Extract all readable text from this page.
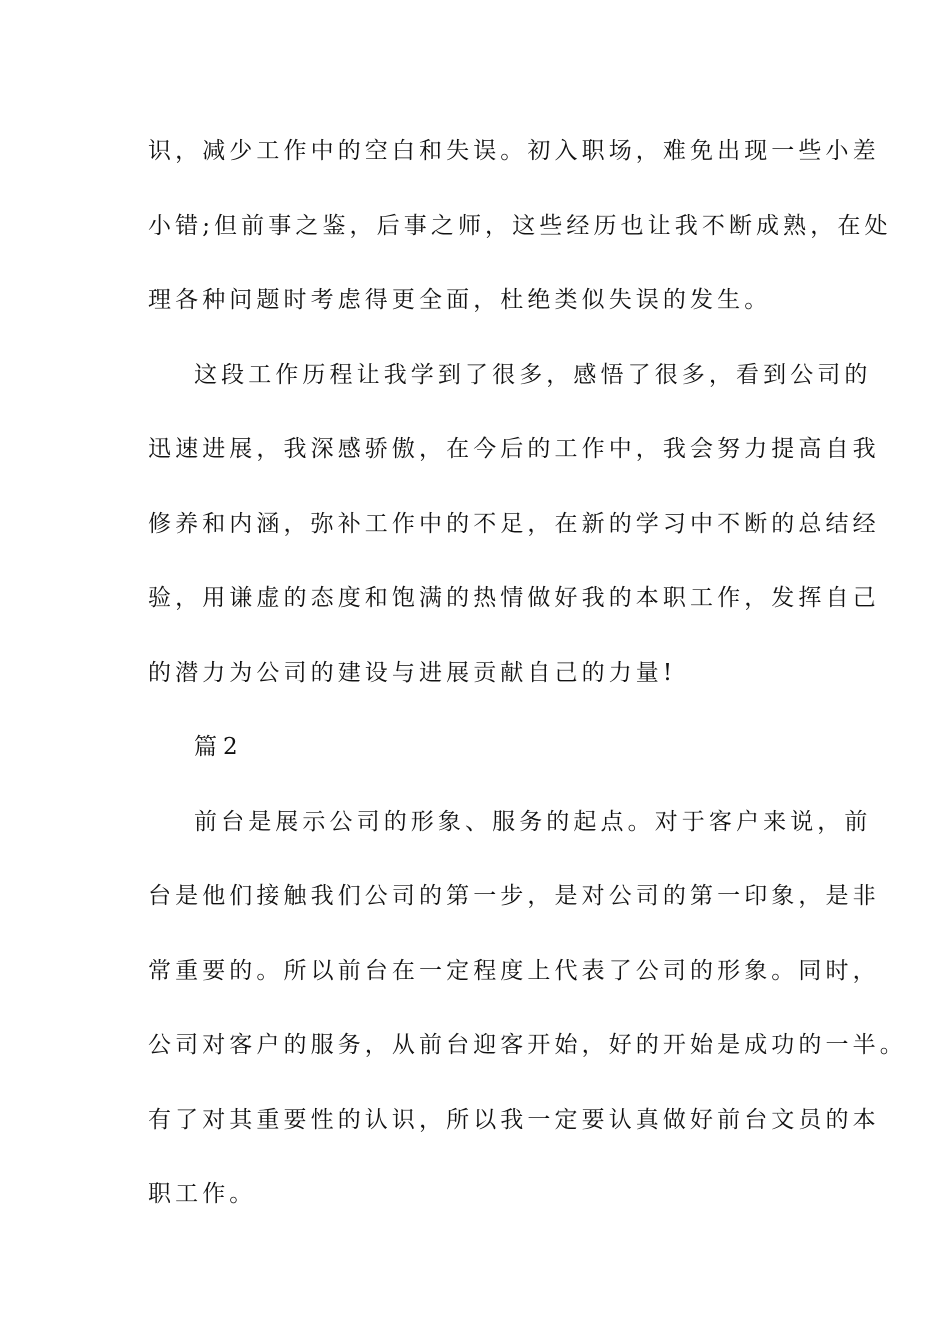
识，减少工作中的空白和失误。初入职场，难免出现一些小差
小错;但前事之鉴，后事之师，这些经历也让我不断成熟，在处
理各种问题时考虑得更全面，杜绝类似失误的发生。
这段工作历程让我学到了很多，感悟了很多，看到公司的
迅速进展，我深感骄傲，在今后的工作中，我会努力提高自我
修养和内涵，弥补工作中的不足，在新的学习中不断的总结经
验，用谦虚的态度和饱满的热情做好我的本职工作，发挥自己
的潜力为公司的建设与进展贡献自己的力量!
篇2
前台是展示公司的形象、服务的起点。对于客户来说，前
台是他们接触我们公司的第一步，是对公司的第一印象，是非
常重要的。所以前台在一定程度上代表了公司的形象。同时，
公司对客户的服务，从前台迎客开始，好的开始是成功的一半。
有了对其重要性的认识，所以我一定要认真做好前台文员的本
职工作。
